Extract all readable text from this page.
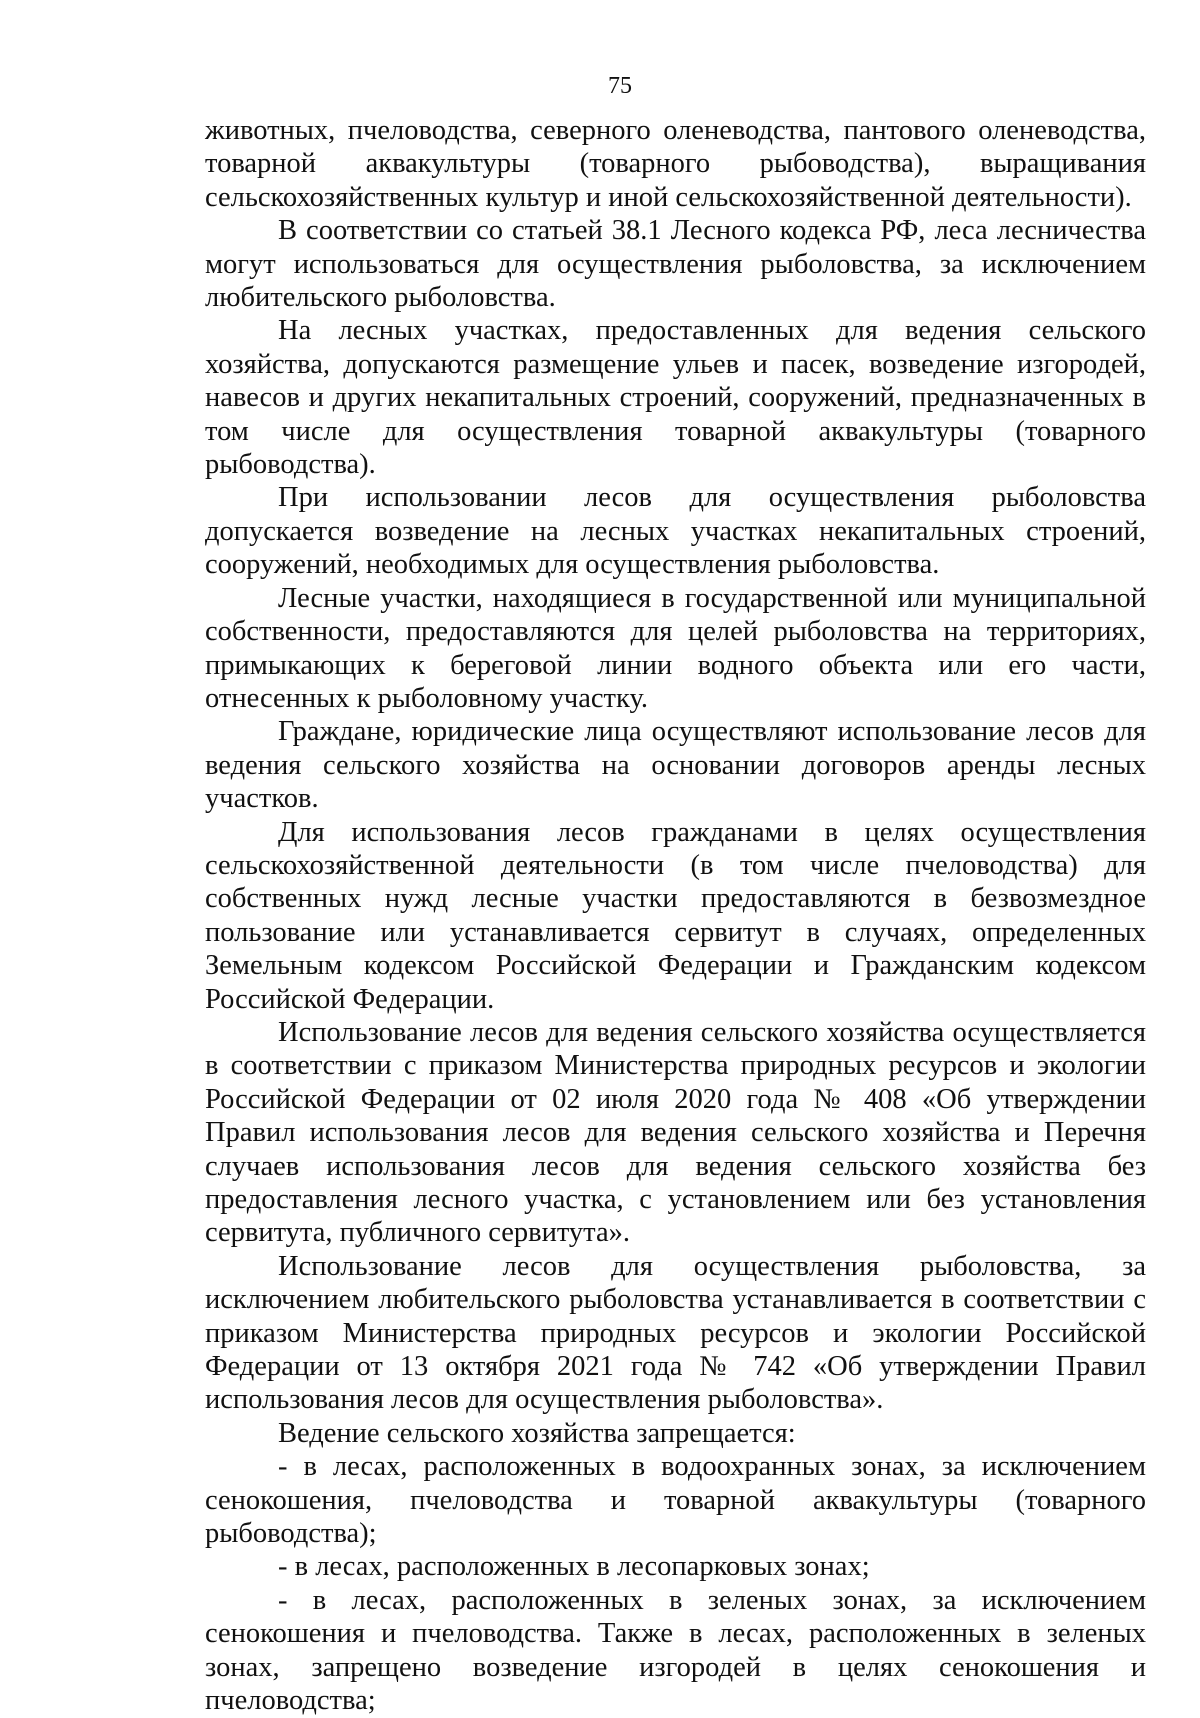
75

животных, пчеловодства, северного оленеводства, пантового оленеводства, товарной аквакультуры (товарного рыбоводства), выращивания сельскохозяйственных культур и иной сельскохозяйственной деятельности).

В соответствии со статьей 38.1 Лесного кодекса РФ, леса лесничества могут использоваться для осуществления рыболовства, за исключением любительского рыболовства.

На лесных участках, предоставленных для ведения сельского хозяйства, допускаются размещение ульев и пасек, возведение изгородей, навесов и других некапитальных строений, сооружений, предназначенных в том числе для осуществления товарной аквакультуры (товарного рыбоводства).

При использовании лесов для осуществления рыболовства допускается возведение на лесных участках некапитальных строений, сооружений, необходимых для осуществления рыболовства.

Лесные участки, находящиеся в государственной или муниципальной собственности, предоставляются для целей рыболовства на территориях, примыкающих к береговой линии водного объекта или его части, отнесенных к рыболовному участку.

Граждане, юридические лица осуществляют использование лесов для ведения сельского хозяйства на основании договоров аренды лесных участков.

Для использования лесов гражданами в целях осуществления сельскохозяйственной деятельности (в том числе пчеловодства) для собственных нужд лесные участки предоставляются в безвозмездное пользование или устанавливается сервитут в случаях, определенных Земельным кодексом Российской Федерации и Гражданским кодексом Российской Федерации.

Использование лесов для ведения сельского хозяйства осуществляется в соответствии с приказом Министерства природных ресурсов и экологии Российской Федерации от 02 июля 2020 года № 408 «Об утверждении Правил использования лесов для ведения сельского хозяйства и Перечня случаев использования лесов для ведения сельского хозяйства без предоставления лесного участка, с установлением или без установления сервитута, публичного сервитута».

Использование лесов для осуществления рыболовства, за исключением любительского рыболовства устанавливается в соответствии с приказом Министерства природных ресурсов и экологии Российской Федерации от 13 октября 2021 года № 742 «Об утверждении Правил использования лесов для осуществления рыболовства».

Ведение сельского хозяйства запрещается:

- в лесах, расположенных в водоохранных зонах, за исключением сенокошения, пчеловодства и товарной аквакультуры (товарного рыбоводства);

- в лесах, расположенных в лесопарковых зонах;

- в лесах, расположенных в зеленых зонах, за исключением сенокошения и пчеловодства. Также в лесах, расположенных в зеленых зонах, запрещено возведение изгородей в целях сенокошения и пчеловодства;
